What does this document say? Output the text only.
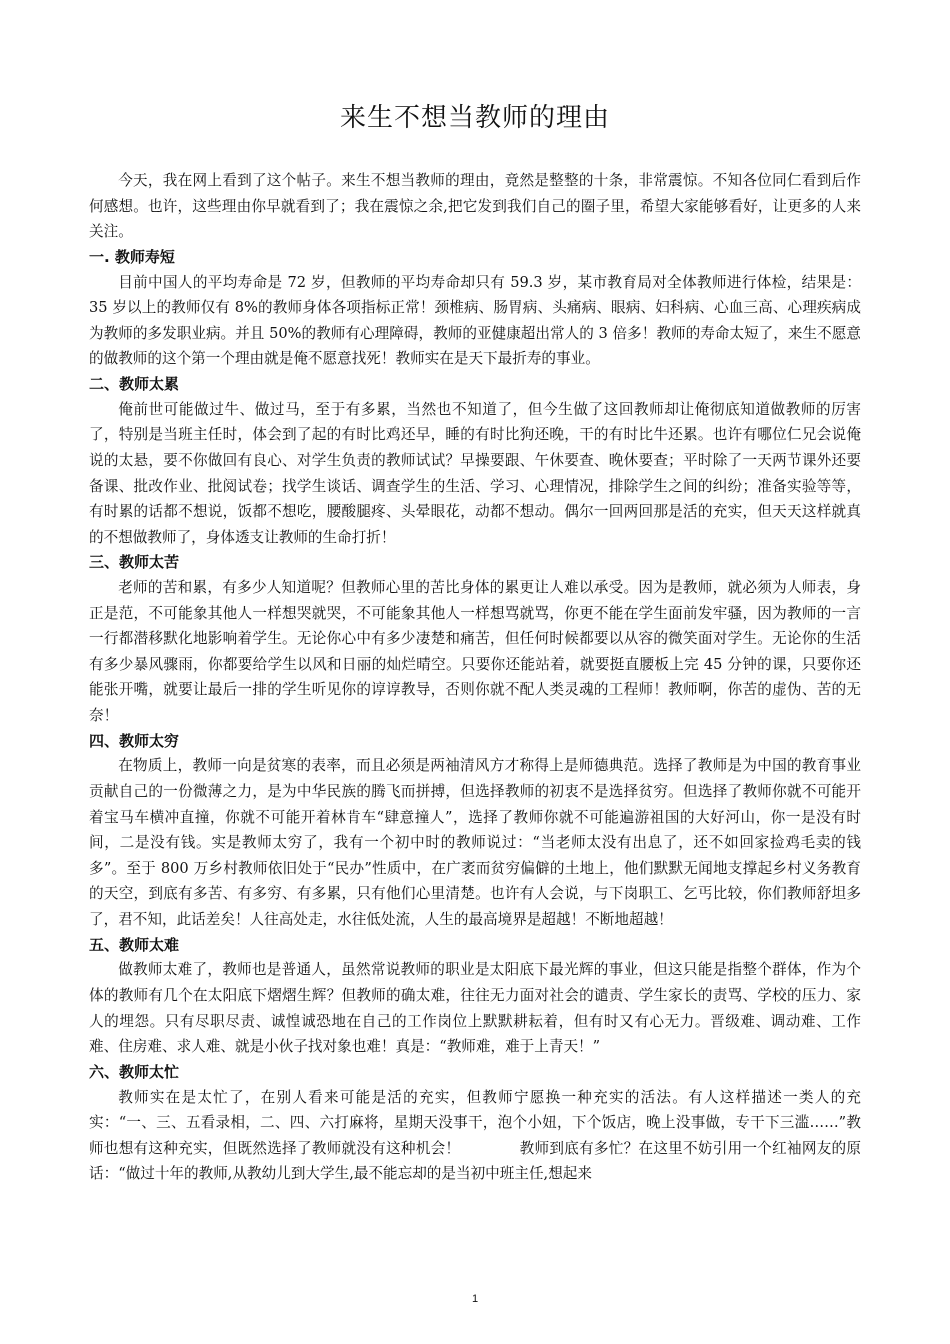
来生不想当教师的理由

今天，我在网上看到了这个帖子。来生不想当教师的理由，竟然是整整的十条，非常震惊。不知各位同仁看到后作何感想。也许，这些理由你早就看到了；我在震惊之余,把它发到我们自己的圈子里，希望大家能够看好，让更多的人来关注。

一. 教师寿短

目前中国人的平均寿命是 72 岁，但教师的平均寿命却只有 59.3 岁，某市教育局对全体教师进行体检，结果是：35 岁以上的教师仅有 8%的教师身体各项指标正常！颈椎病、肠胃病、头痛病、眼病、妇科病、心血三高、心理疾病成为教师的多发职业病。并且 50%的教师有心理障碍，教师的亚健康超出常人的 3 倍多！教师的寿命太短了，来生不愿意的做教师的这个第一个理由就是俺不愿意找死！教师实在是天下最折寿的事业。

二、教师太累

俺前世可能做过牛、做过马，至于有多累，当然也不知道了，但今生做了这回教师却让俺彻底知道做教师的厉害了，特别是当班主任时，体会到了起的有时比鸡还早，睡的有时比狗还晚，干的有时比牛还累。也许有哪位仁兄会说俺说的太悬，要不你做回有良心、对学生负责的教师试试？早操要跟、午休要查、晚休要查；平时除了一天两节课外还要备课、批改作业、批阅试卷；找学生谈话、调查学生的生活、学习、心理情况，排除学生之间的纠纷；准备实验等等，有时累的话都不想说，饭都不想吃，腰酸腿疼、头晕眼花，动都不想动。偶尔一回两回那是活的充实，但天天这样就真的不想做教师了，身体透支让教师的生命打折！

三、教师太苦

老师的苦和累，有多少人知道呢？但教师心里的苦比身体的累更让人难以承受。因为是教师，就必须为人师表，身正是范，不可能象其他人一样想哭就哭，不可能象其他人一样想骂就骂，你更不能在学生面前发牢骚，因为教师的一言一行都潜移默化地影响着学生。无论你心中有多少凄楚和痛苦，但任何时候都要以从容的微笑面对学生。无论你的生活有多少暴风骤雨，你都要给学生以风和日丽的灿烂晴空。只要你还能站着，就要挺直腰板上完 45 分钟的课，只要你还能张开嘴，就要让最后一排的学生听见你的谆谆教导，否则你就不配人类灵魂的工程师！教师啊，你苦的虚伪、苦的无奈！

四、教师太穷

在物质上，教师一向是贫寒的表率，而且必须是两袖清风方才称得上是师德典范。选择了教师是为中国的教育事业贡献自己的一份微薄之力，是为中华民族的腾飞而拼搏，但选择教师的初衷不是选择贫穷。但选择了教师你就不可能开着宝马车横冲直撞，你就不可能开着林肯车“肆意撞人”，选择了教师你就不可能遍游祖国的大好河山，你一是没有时间，二是没有钱。实是教师太穷了，我有一个初中时的教师说过：“当老师太没有出息了，还不如回家捡鸡毛卖的钱多”。至于 800 万乡村教师依旧处于“民办”性质中，在广袤而贫穷偏僻的土地上，他们默默无闻地支撑起乡村义务教育的天空，到底有多苦、有多穷、有多累，只有他们心里清楚。也许有人会说，与下岗职工、乞丐比较，你们教师舒坦多了，君不知，此话差矣！人往高处走，水往低处流，人生的最高境界是超越！不断地超越！

五、教师太难

做教师太难了，教师也是普通人，虽然常说教师的职业是太阳底下最光辉的事业，但这只能是指整个群体，作为个体的教师有几个在太阳底下熠熠生辉？但教师的确太难，往往无力面对社会的谴责、学生家长的责骂、学校的压力、家人的埋怨。只有尽职尽责、诚惶诚恐地在自己的工作岗位上默默耕耘着，但有时又有心无力。晋级难、调动难、工作难、住房难、求人难、就是小伙子找对象也难！真是：“教师难，难于上青天！”

六、教师太忙

教师实在是太忙了，在别人看来可能是活的充实，但教师宁愿换一种充实的活法。有人这样描述一类人的充实：“一、三、五看录相，二、四、六打麻将，星期天没事干，泡个小妞，下个饭店，晚上没事做，专干下三滥……”教师也想有这种充实，但既然选择了教师就没有这种机会！　　　　教师到底有多忙？在这里不妨引用一个红袖网友的原话：“做过十年的教师,从教幼儿到大学生,最不能忘却的是当初中班主任,想起来

1
